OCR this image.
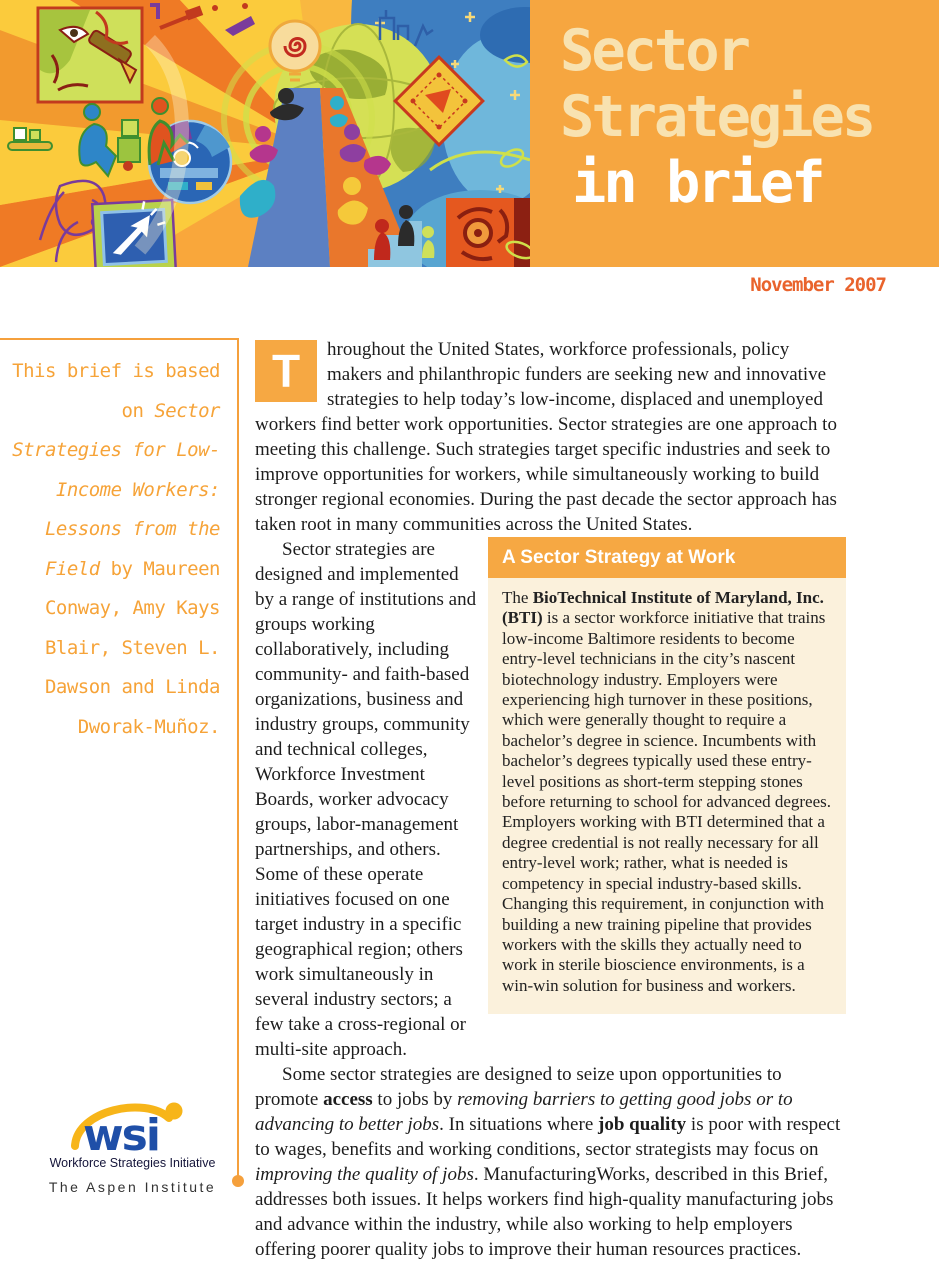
Sector
Strategies
in brief
November 2007
This brief is based on Sector Strategies for Low-Income Workers: Lessons from the Field by Maureen Conway, Amy Kays Blair, Steven L. Dawson and Linda Dworak-Muñoz.

T	hroughout the United States, workforce professionals, policy makers and philanthropic funders are seeking new and innovative strategies to help today’s low-income, displaced and unemployed workers find better work opportunities. Sector strategies are one approach to meeting this challenge. Such strategies target specific industries and seek to improve opportunities for workers, while simultaneously working to build stronger regional economies. During the past decade the sector approach has taken root in many communities across the United States.

A Sector Strategy at Work
The BioTechnical Institute of Maryland, Inc. (BTI) is a sector workforce initiative that trains low-income Baltimore residents to become entry-level technicians in the city’s nascent biotechnology industry. Employers were experiencing high turnover in these positions, which were generally thought to require a bachelor’s degree in science. Incumbents with bachelor’s degrees typically used these entry-level positions as short-term stepping stones before returning to school for advanced degrees. Employers working with BTI determined that a degree credential is not really necessary for all entry-level work; rather, what is needed is competency in special industry-based skills. Changing this requirement, in conjunction with building a new training pipeline that provides workers with the skills they actually need to work in sterile bioscience environments, is a win-win solution for business and workers.

Sector strategies are designed and implemented by a range of institutions and groups working collaboratively, including community- and faith-based organizations, business and industry groups, community and technical colleges, Workforce Investment Boards, worker advocacy groups, labor-management partnerships, and others. Some of these operate initiatives focused on one target industry in a specific geographical region; others work simultaneously in several industry sectors; a few take a cross-regional or multi-site approach.

Some sector strategies are designed to seize upon opportunities to promote access to jobs by removing barriers to getting good jobs or to advancing to better jobs. In situations where job quality is poor with respect to wages, benefits and working conditions, sector strategists may focus on improving the quality of jobs. ManufacturingWorks, described in this Brief, addresses both issues. It helps workers find high-quality manufacturing jobs and advance within the industry, while also working to help employers offering poorer quality jobs to improve their human resources practices.

wsi
Workforce Strategies Initiative
The Aspen Institute
